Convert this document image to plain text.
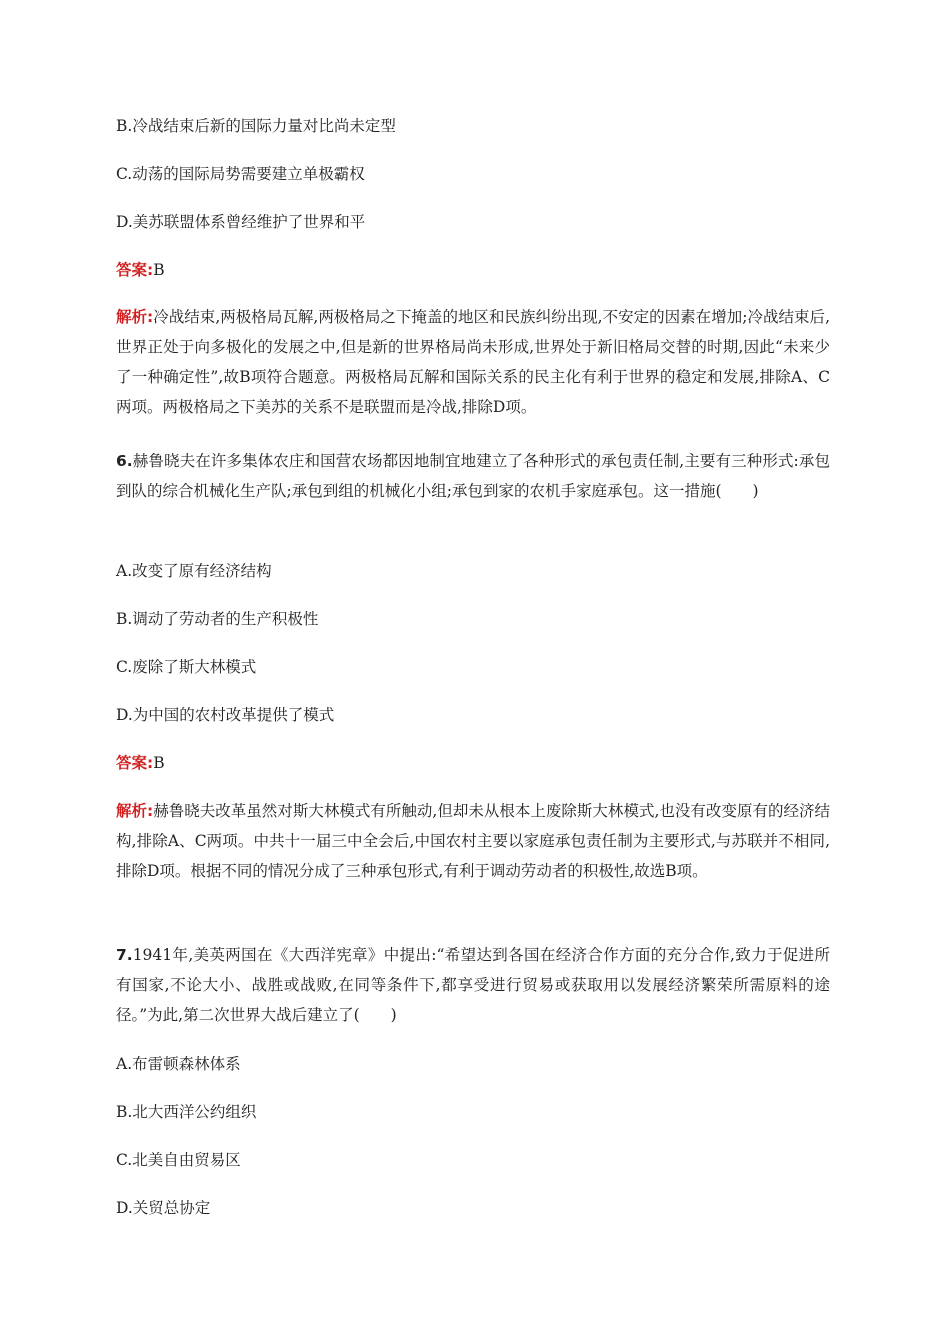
B.冷战结束后新的国际力量对比尚未定型
C.动荡的国际局势需要建立单极霸权
D.美苏联盟体系曾经维护了世界和平
答案:B
解析:冷战结束,两极格局瓦解,两极格局之下掩盖的地区和民族纠纷出现,不安定的因素在增加;冷战结束后,世界正处于向多极化的发展之中,但是新的世界格局尚未形成,世界处于新旧格局交替的时期,因此“未来少了一种确定性”,故B项符合题意。两极格局瓦解和国际关系的民主化有利于世界的稳定和发展,排除A、C两项。两极格局之下美苏的关系不是联盟而是冷战,排除D项。
6.赫鲁晓夫在许多集体农庄和国营农场都因地制宜地建立了各种形式的承包责任制,主要有三种形式:承包到队的综合机械化生产队;承包到组的机械化小组;承包到家的农机手家庭承包。这一措施(　　)
A.改变了原有经济结构
B.调动了劳动者的生产积极性
C.废除了斯大林模式
D.为中国的农村改革提供了模式
答案:B
解析:赫鲁晓夫改革虽然对斯大林模式有所触动,但却未从根本上废除斯大林模式,也没有改变原有的经济结构,排除A、C两项。中共十一届三中全会后,中国农村主要以家庭承包责任制为主要形式,与苏联并不相同,排除D项。根据不同的情况分成了三种承包形式,有利于调动劳动者的积极性,故选B项。
7.1941年,美英两国在《大西洋宪章》中提出:“希望达到各国在经济合作方面的充分合作,致力于促进所有国家,不论大小、战胜或战败,在同等条件下,都享受进行贸易或获取用以发展经济繁荣所需原料的途径。”为此,第二次世界大战后建立了(　　)
A.布雷顿森林体系
B.北大西洋公约组织
C.北美自由贸易区
D.关贸总协定
